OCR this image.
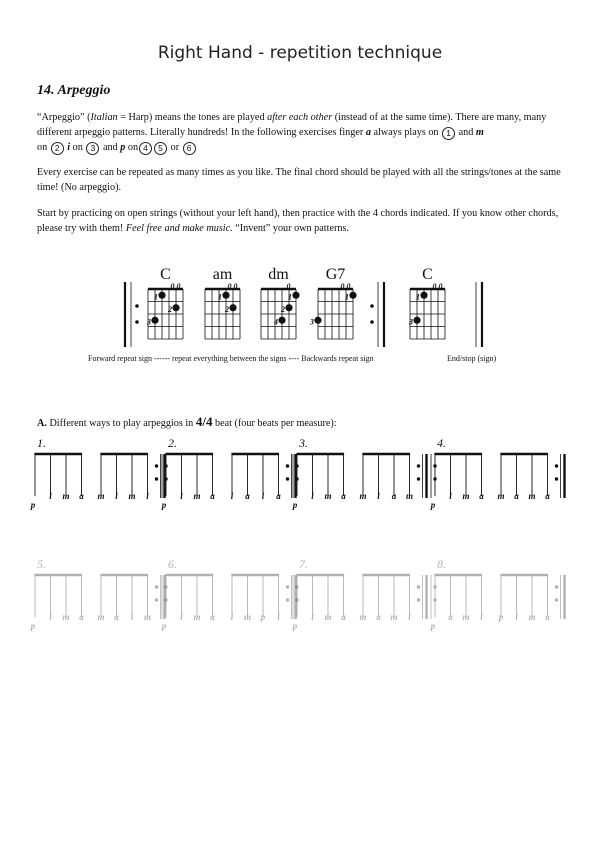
Right Hand - repetition technique
14. Arpeggio
“Arpeggio” (Italian = Harp) means the tones are played after each other (instead of at the same time). There are many, many different arpeggio patterns. Literally hundreds! In the following exercises finger a always plays on 1 and m
on 2 i on 3 and p on 4 5 or 6
Every exercise can be repeated as many times as you like. The final chord should be played with all the strings/tones at the same time! (No arpeggio).
Start by practicing on open strings (without your left hand), then practice with the 4 chords indicated. If you know other chords, please try with them! Feel free and make music. “Invent” your own patterns.
A. Different ways to play arpeggios in 4/4 beat (four beats per measure):
C
0 0
1
2
3
am
0 0
1
2
dm
0
1
2
4
G7
0 0
1
3
C
0 0
1
3
Forward repeat sign ------ repeat everything between the signs ---- Backwards repeat sign	End/stop (sign)
1.
p
i m a m i m i
2.
p
i m a i a i a
3.
p
i m a m i a m
4.
p
i m a m a m a
5.
p
i m a m a i m
6.
p
i m a i m p i
7.
p
i m a m a m i
8.
p
a m i p i m a
